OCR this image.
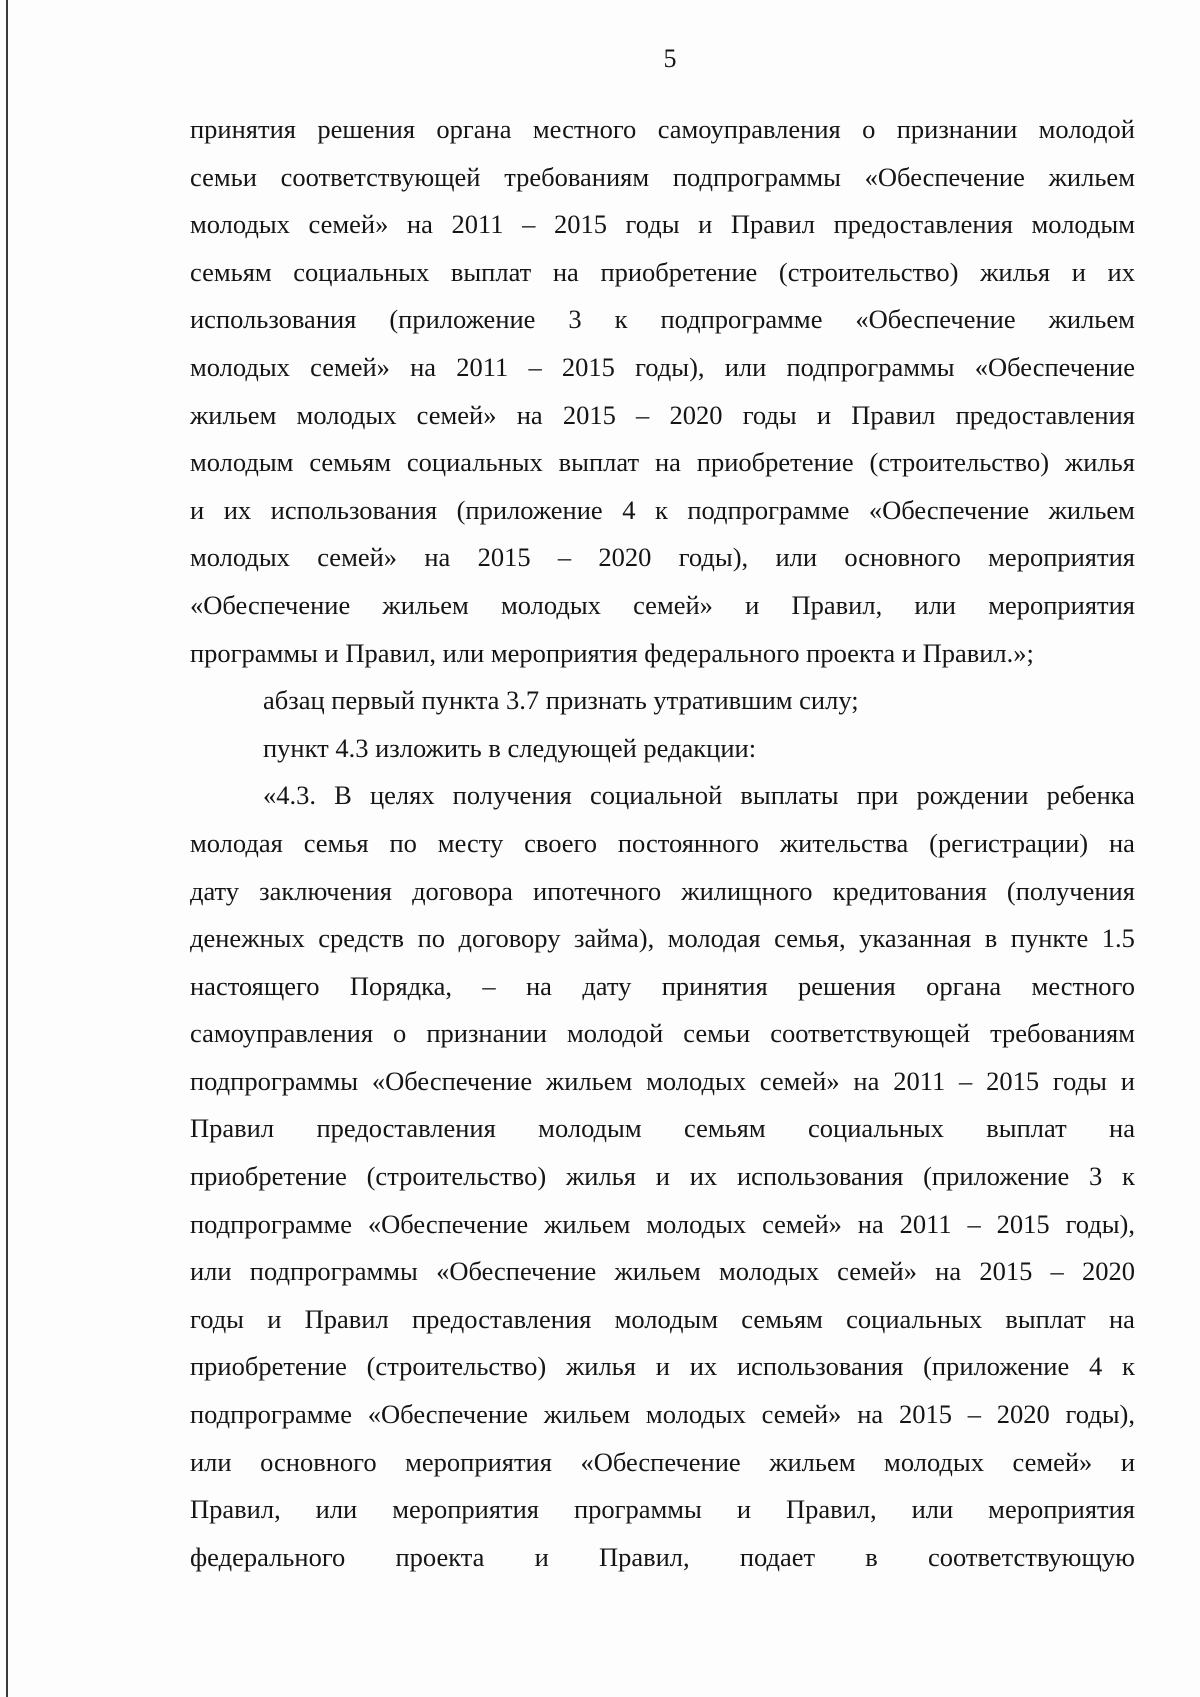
5
принятия решения органа местного самоуправления о признании молодой
семьи соответствующей требованиям подпрограммы «Обеспечение жильем
молодых семей» на 2011 – 2015 годы и Правил предоставления молодым
семьям социальных выплат на приобретение (строительство) жилья и их
использования (приложение 3 к подпрограмме «Обеспечение жильем
молодых семей» на 2011 – 2015 годы), или подпрограммы «Обеспечение
жильем молодых семей» на 2015 – 2020 годы и Правил предоставления
молодым семьям социальных выплат на приобретение (строительство) жилья
и их использования (приложение 4 к подпрограмме «Обеспечение жильем
молодых семей» на 2015 – 2020 годы), или основного мероприятия
«Обеспечение жильем молодых семей» и Правил, или мероприятия
программы и Правил, или мероприятия федерального проекта и Правил.»;
абзац первый пункта 3.7 признать утратившим силу;
пункт 4.3 изложить в следующей редакции:
«4.3. В целях получения социальной выплаты при рождении ребенка
молодая семья по месту своего постоянного жительства (регистрации) на
дату заключения договора ипотечного жилищного кредитования (получения
денежных средств по договору займа), молодая семья, указанная в пункте 1.5
настоящего Порядка, – на дату принятия решения органа местного
самоуправления о признании молодой семьи соответствующей требованиям
подпрограммы «Обеспечение жильем молодых семей» на 2011 – 2015 годы и
Правил предоставления молодым семьям социальных выплат на
приобретение (строительство) жилья и их использования (приложение 3 к
подпрограмме «Обеспечение жильем молодых семей» на 2011 – 2015 годы),
или подпрограммы «Обеспечение жильем молодых семей» на 2015 – 2020
годы и Правил предоставления молодым семьям социальных выплат на
приобретение (строительство) жилья и их использования (приложение 4 к
подпрограмме «Обеспечение жильем молодых семей» на 2015 – 2020 годы),
или основного мероприятия «Обеспечение жильем молодых семей» и
Правил, или мероприятия программы и Правил, или мероприятия
федерального проекта и Правил, подает в соответствующую
